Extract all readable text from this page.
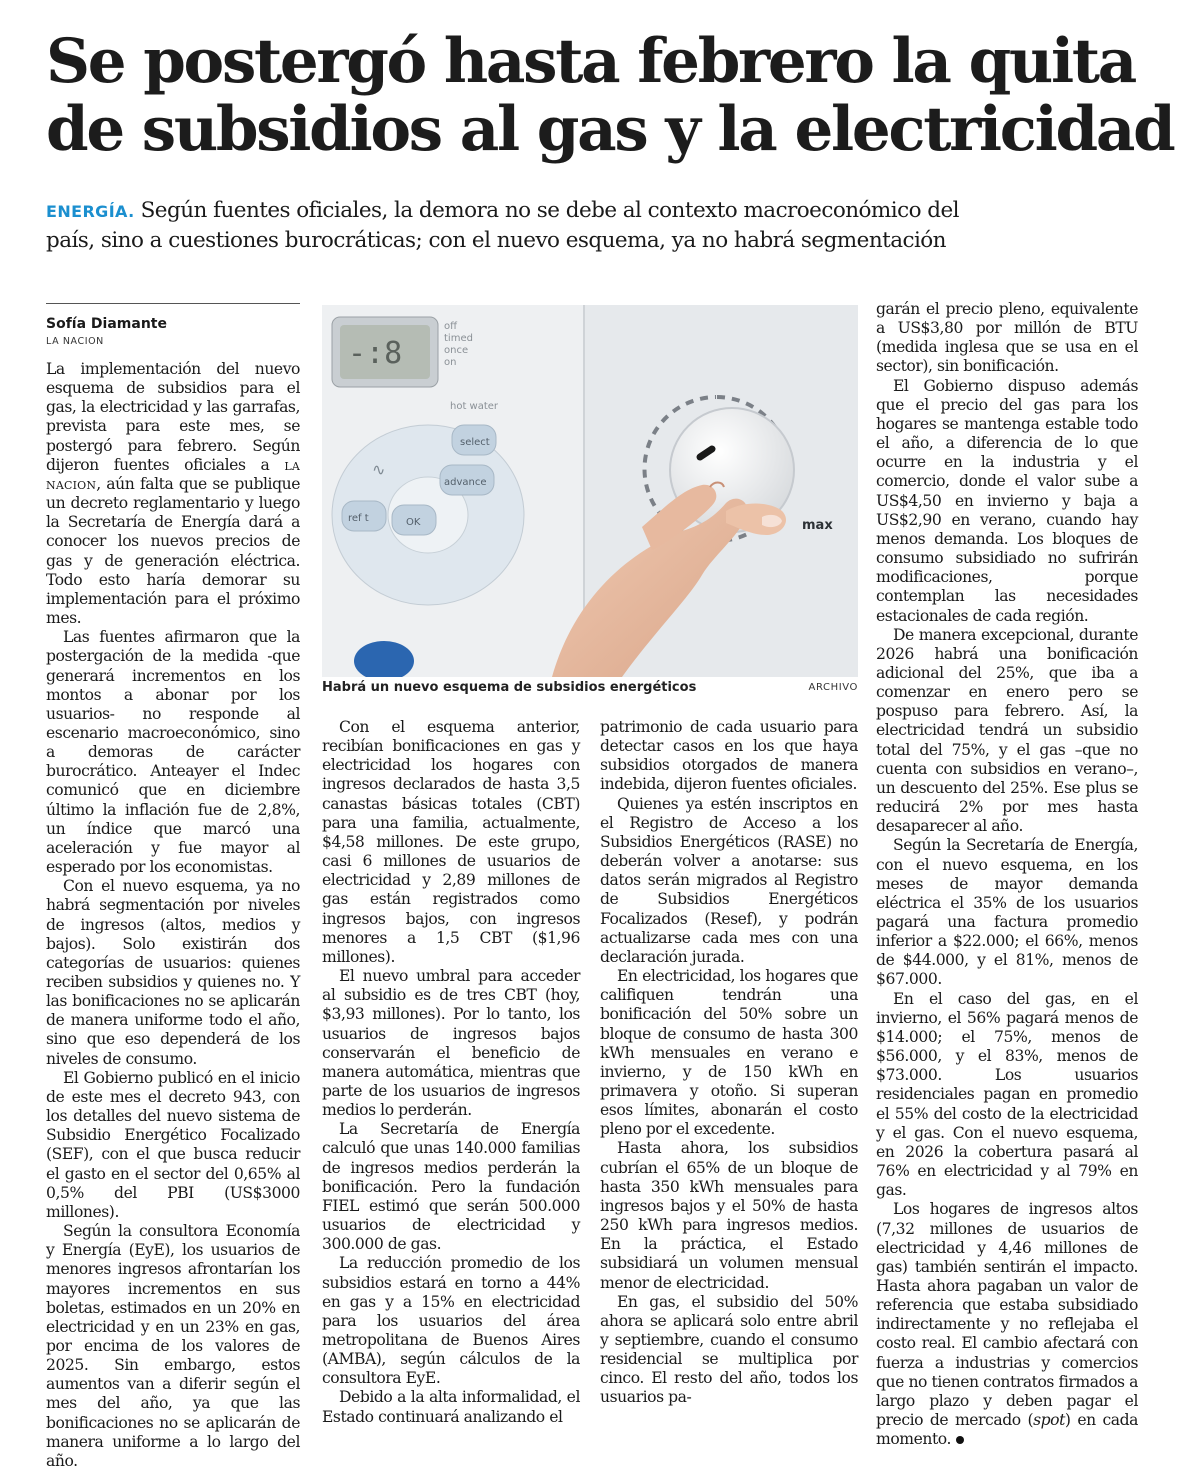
Se postergó hasta febrero la quita
de subsidios al gas y la electricidad
ENERGÍA. Según fuentes oficiales, la demora no se debe al contexto macroeconómico del
país, sino a cuestiones burocráticas; con el nuevo esquema, ya no habrá segmentación
Sofía Diamante
LA NACION

La implementación del nuevo esquema de subsidios para el gas, la electricidad y las garrafas, prevista para este mes, se postergó para febrero. Según dijeron fuentes oficiales a la nacion, aún falta que se publique un decreto reglamentario y luego la Secretaría de Energía dará a conocer los nuevos precios de gas y de generación eléctrica. Todo esto haría demorar su implementación para el próximo mes.

Las fuentes afirmaron que la postergación de la medida -que generará incrementos en los montos a abonar por los usuarios- no responde al escenario macroeconómico, sino a demoras de carácter burocrático. Anteayer el Indec comunicó que en diciembre último la inflación fue de 2,8%, un índice que marcó una aceleración y fue mayor al esperado por los economistas.

Con el nuevo esquema, ya no habrá segmentación por niveles de ingresos (altos, medios y bajos). Solo existirán dos categorías de usuarios: quienes reciben subsidios y quienes no. Y las bonificaciones no se aplicarán de manera uniforme todo el año, sino que eso dependerá de los niveles de consumo.

El Gobierno publicó en el inicio de este mes el decreto 943, con los detalles del nuevo sistema de Subsidio Energético Focalizado (SEF), con el que busca reducir el gasto en el sector del 0,65% al 0,5% del PBI (US$3000 millones).

Según la consultora Economía y Energía (EyE), los usuarios de menores ingresos afrontarían los mayores incrementos en sus boletas, estimados en un 20% en electricidad y en un 23% en gas, por encima de los valores de 2025. Sin embargo, estos aumentos van a diferir según el mes del año, ya que las bonificaciones no se aplicarán de manera uniforme a lo largo del año.

-:8
off
timed
once
on
hot water
select
advance
OK
ref t
∿
max
Habrá un nuevo esquema de subsidios energéticos	ARCHIVO

Con el esquema anterior, recibían bonificaciones en gas y electricidad los hogares con ingresos declarados de hasta 3,5 canastas básicas totales (CBT) para una familia, actualmente, $4,58 millones. De este grupo, casi 6 millones de usuarios de electricidad y 2,89 millones de gas están registrados como ingresos bajos, con ingresos menores a 1,5 CBT ($1,96 millones).

El nuevo umbral para acceder al subsidio es de tres CBT (hoy, $3,93 millones). Por lo tanto, los usuarios de ingresos bajos conservarán el beneficio de manera automática, mientras que parte de los usuarios de ingresos medios lo perderán.

La Secretaría de Energía calculó que unas 140.000 familias de ingresos medios perderán la bonificación. Pero la fundación FIEL estimó que serán 500.000 usuarios de electricidad y 300.000 de gas.

La reducción promedio de los subsidios estará en torno a 44% en gas y a 15% en electricidad para los usuarios del área metropolitana de Buenos Aires (AMBA), según cálculos de la consultora EyE.

Debido a la alta informalidad, el Estado continuará analizando el

patrimonio de cada usuario para detectar casos en los que haya subsidios otorgados de manera indebida, dijeron fuentes oficiales.

Quienes ya estén inscriptos en el Registro de Acceso a los Subsidios Energéticos (RASE) no deberán volver a anotarse: sus datos serán migrados al Registro de Subsidios Energéticos Focalizados (Resef), y podrán actualizarse cada mes con una declaración jurada.

En electricidad, los hogares que califiquen tendrán una bonificación del 50% sobre un bloque de consumo de hasta 300 kWh mensuales en verano e invierno, y de 150 kWh en primavera y otoño. Si superan esos límites, abonarán el costo pleno por el excedente.

Hasta ahora, los subsidios cubrían el 65% de un bloque de hasta 350 kWh mensuales para ingresos bajos y el 50% de hasta 250 kWh para ingresos medios. En la práctica, el Estado subsidiará un volumen mensual menor de electricidad.

En gas, el subsidio del 50% ahora se aplicará solo entre abril y septiembre, cuando el consumo residencial se multiplica por cinco. El resto del año, todos los usuarios pa-

garán el precio pleno, equivalente a US$3,80 por millón de BTU (medida inglesa que se usa en el sector), sin bonificación.

El Gobierno dispuso además que el precio del gas para los hogares se mantenga estable todo el año, a diferencia de lo que ocurre en la industria y el comercio, donde el valor sube a US$4,50 en invierno y baja a US$2,90 en verano, cuando hay menos demanda. Los bloques de consumo subsidiado no sufrirán modificaciones, porque contemplan las necesidades estacionales de cada región.

De manera excepcional, durante 2026 habrá una bonificación adicional del 25%, que iba a comenzar en enero pero se pospuso para febrero. Así, la electricidad tendrá un subsidio total del 75%, y el gas –que no cuenta con subsidios en verano–, un descuento del 25%. Ese plus se reducirá 2% por mes hasta desaparecer al año.

Según la Secretaría de Energía, con el nuevo esquema, en los meses de mayor demanda eléctrica el 35% de los usuarios pagará una factura promedio inferior a $22.000; el 66%, menos de $44.000, y el 81%, menos de $67.000.

En el caso del gas, en el invierno, el 56% pagará menos de $14.000; el 75%, menos de $56.000, y el 83%, menos de $73.000. Los usuarios residenciales pagan en promedio el 55% del costo de la electricidad y el gas. Con el nuevo esquema, en 2026 la cobertura pasará al 76% en electricidad y al 79% en gas.

Los hogares de ingresos altos (7,32 millones de usuarios de electricidad y 4,46 millones de gas) también sentirán el impacto. Hasta ahora pagaban un valor de referencia que estaba subsidiado indirectamente y no reflejaba el costo real. El cambio afectará con fuerza a industrias y comercios que no tienen contratos firmados a largo plazo y deben pagar el precio de mercado (spot) en cada momento.
